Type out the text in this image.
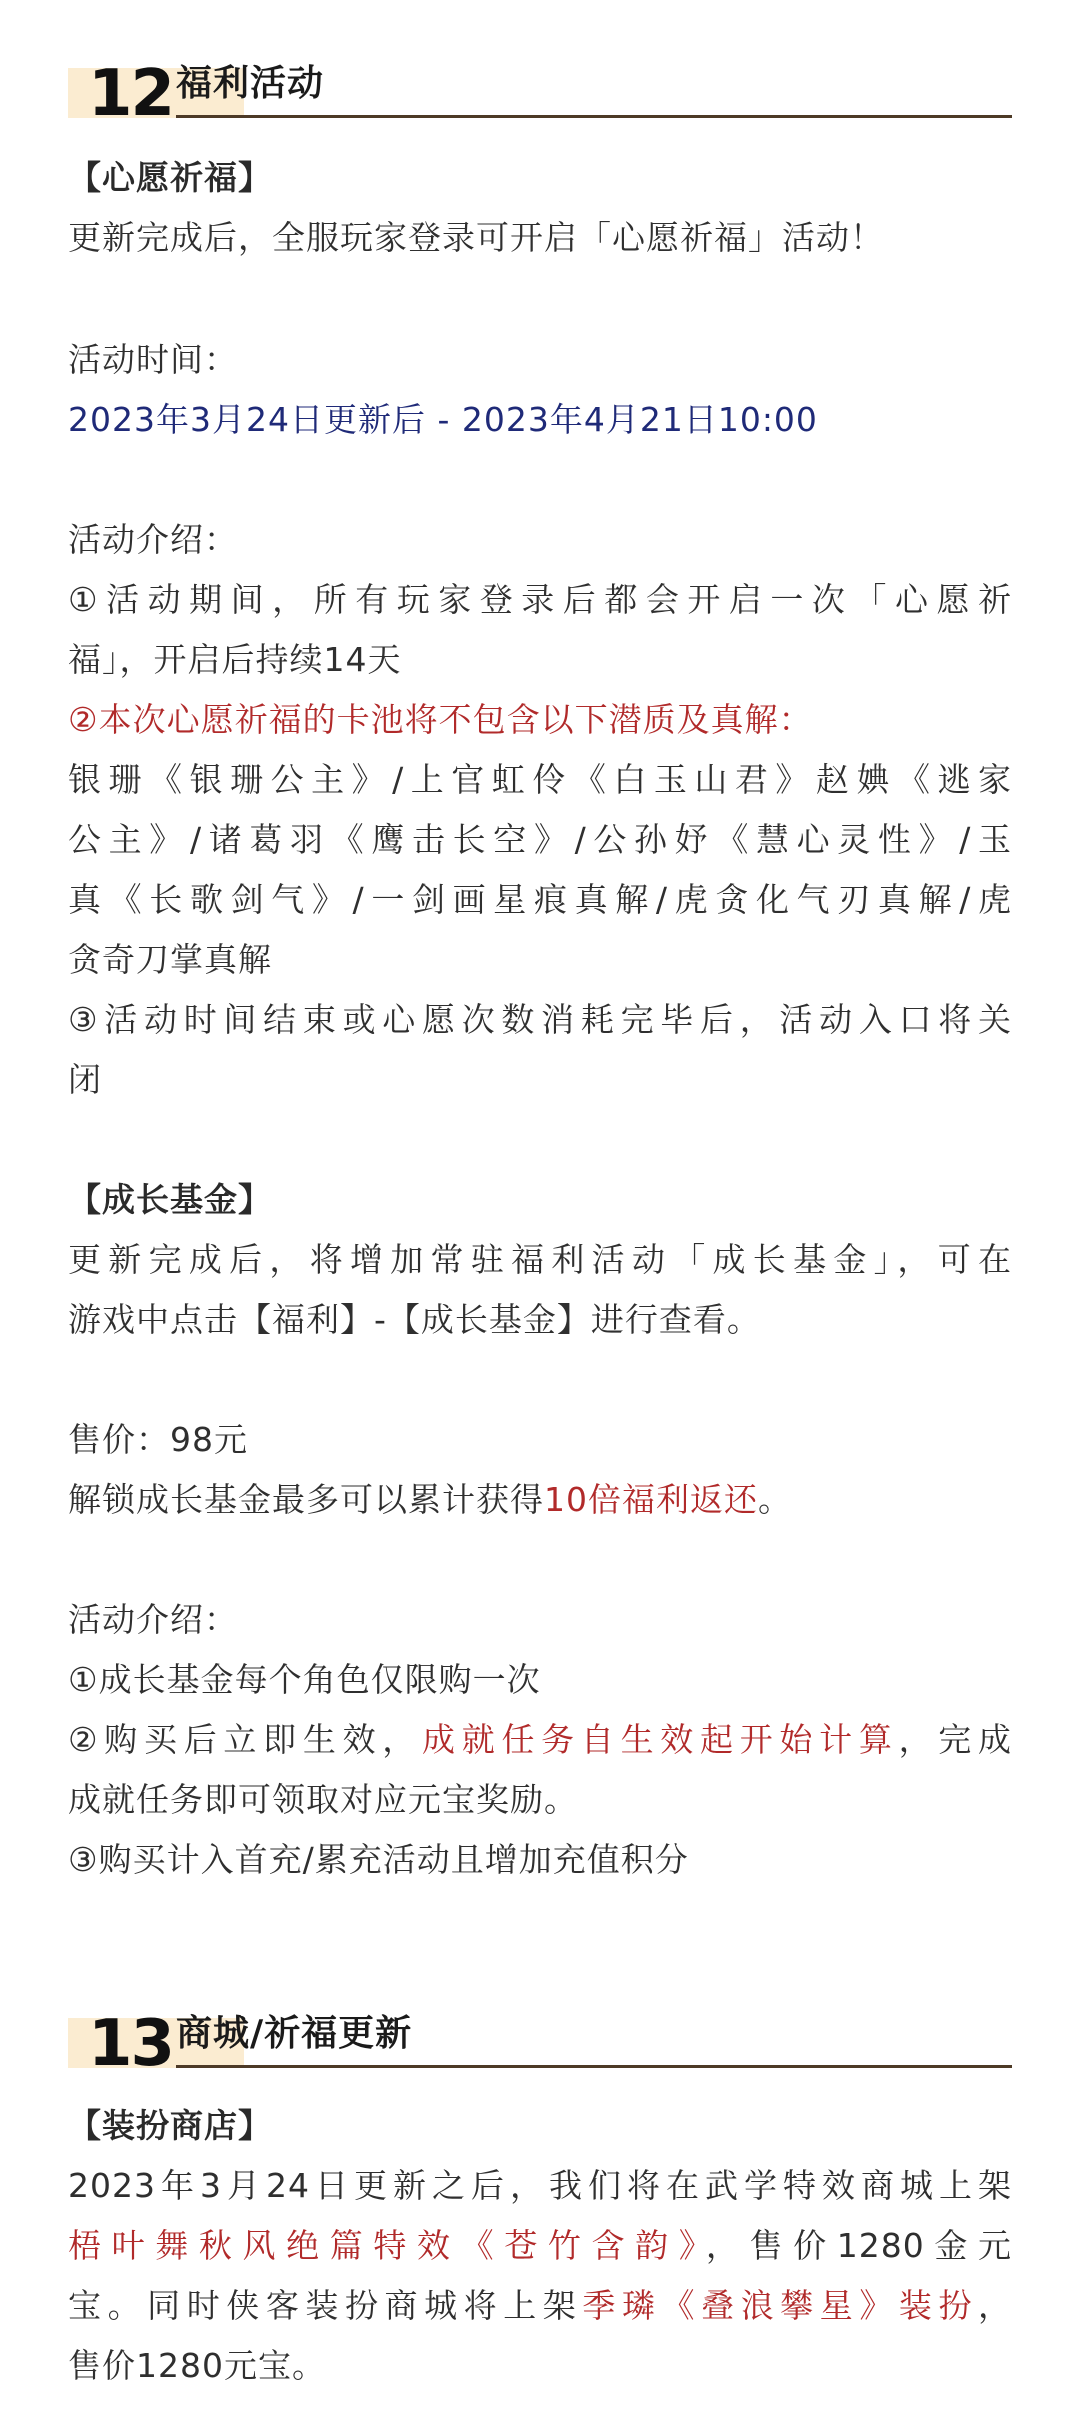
12 福利活动
【心愿祈福】
更新完成后，全服玩家登录可开启「心愿祈福」活动！
活动时间：
2023年3月24日更新后 - 2023年4月21日10:00
活动介绍：
①活动期间，所有玩家登录后都会开启一次「心愿祈
福」，开启后持续14天
②本次心愿祈福的卡池将不包含以下潜质及真解：
银珊《银珊公主》/上官虹伶《白玉山君》赵婰《逃家
公主》/诸葛羽《鹰击长空》/公孙妤《慧心灵性》/玉
真《长歌剑气》/一剑画星痕真解/虎贪化气刃真解/虎
贪奇刀掌真解
③活动时间结束或心愿次数消耗完毕后，活动入口将关
闭
【成长基金】
更新完成后，将增加常驻福利活动「成长基金」，可在
游戏中点击【福利】-【成长基金】进行查看。
售价：98元
解锁成长基金最多可以累计获得10倍福利返还。
活动介绍：
①成长基金每个角色仅限购一次
②购买后立即生效，成就任务自生效起开始计算，完成
成就任务即可领取对应元宝奖励。
③购买计入首充/累充活动且增加充值积分
13 商城/祈福更新
【装扮商店】
2023年3月24日更新之后，我们将在武学特效商城上架
梧叶舞秋风绝篇特效《苍竹含韵》，售价1280金元
宝。同时侠客装扮商城将上架季璘《叠浪攀星》装扮，
售价1280元宝。
